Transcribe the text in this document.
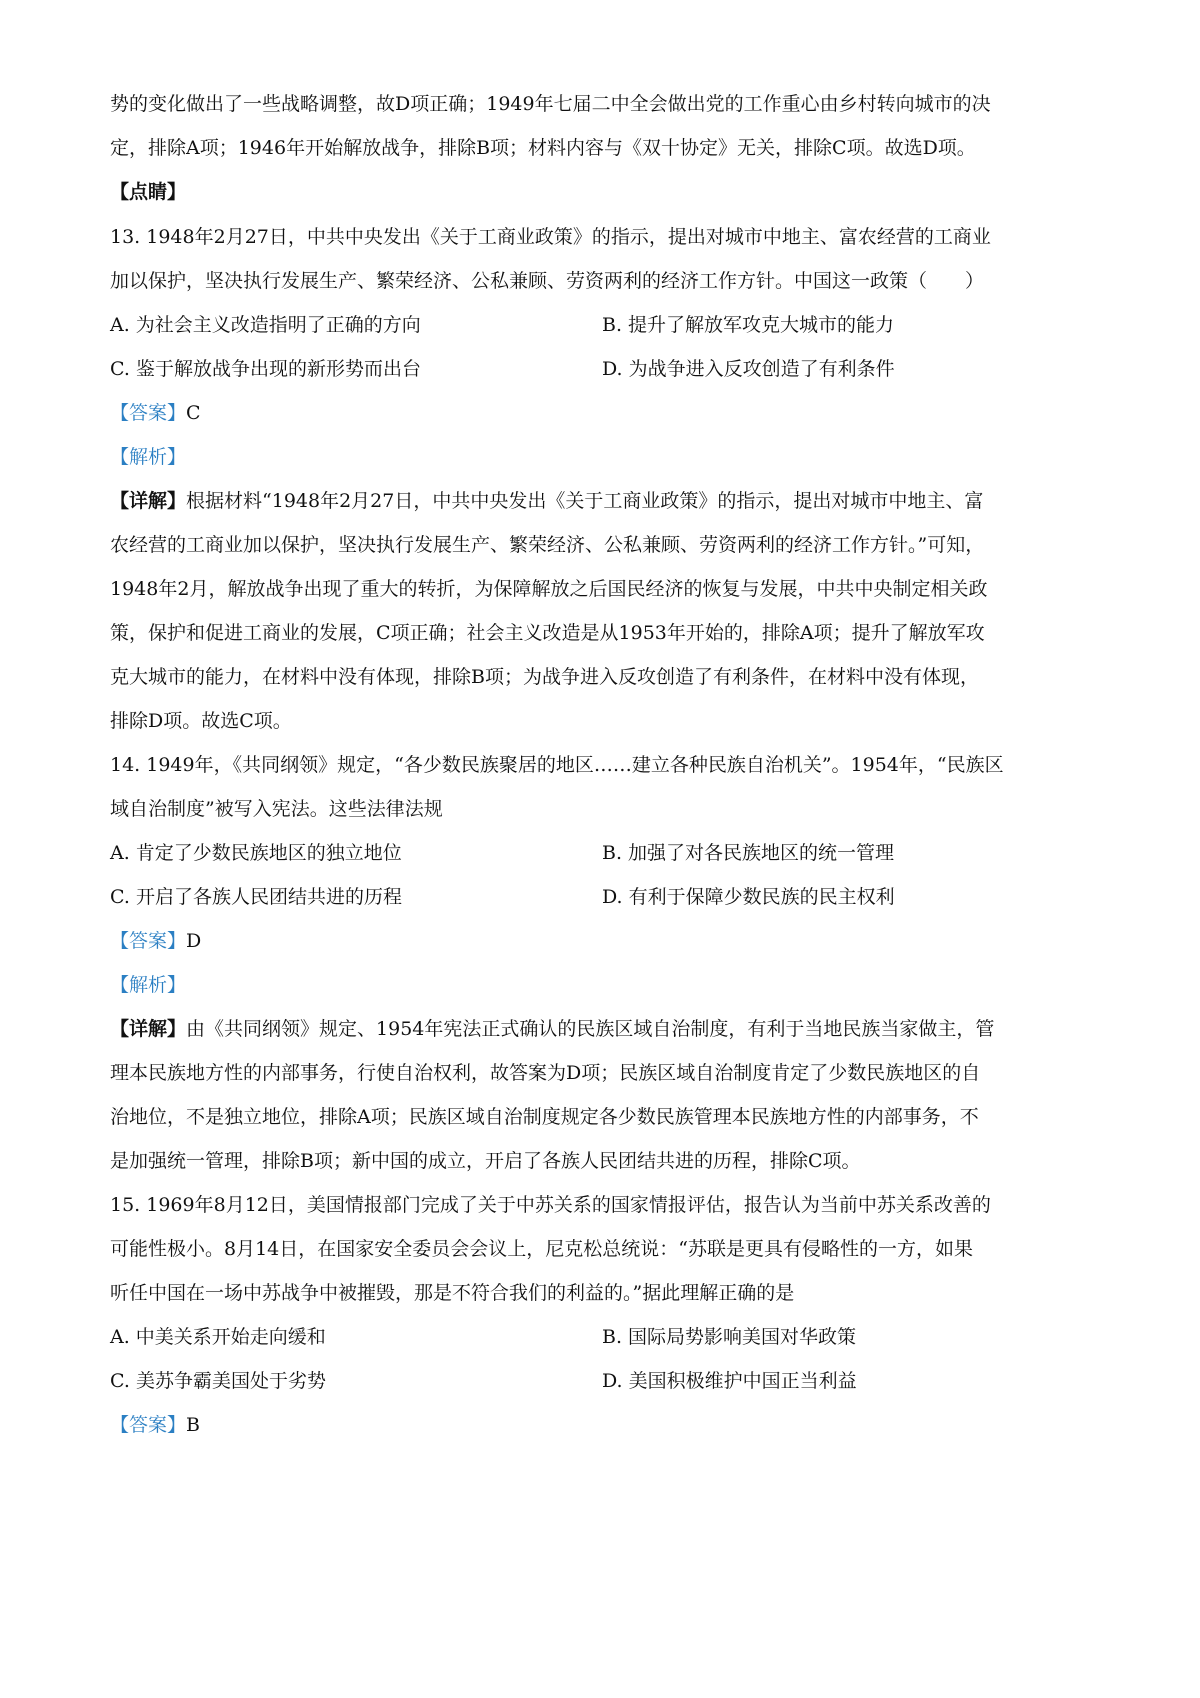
势的变化做出了一些战略调整，故D项正确；1949年七届二中全会做出党的工作重心由乡村转向城市的决
定，排除A项；1946年开始解放战争，排除B项；材料内容与《双十协定》无关，排除C项。故选D项。
【点睛】
13. 1948年2月27日，中共中央发出《关于工商业政策》的指示，提出对城市中地主、富农经营的工商业
加以保护，坚决执行发展生产、繁荣经济、公私兼顾、劳资两利的经济工作方针。中国这一政策（　　）
A. 为社会主义改造指明了正确的方向	B. 提升了解放军攻克大城市的能力
C. 鉴于解放战争出现的新形势而出台	D. 为战争进入反攻创造了有利条件
【答案】C
【解析】
【详解】根据材料“1948年2月27日，中共中央发出《关于工商业政策》的指示，提出对城市中地主、富
农经营的工商业加以保护，坚决执行发展生产、繁荣经济、公私兼顾、劳资两利的经济工作方针。”可知，
1948年2月，解放战争出现了重大的转折，为保障解放之后国民经济的恢复与发展，中共中央制定相关政
策，保护和促进工商业的发展，C项正确；社会主义改造是从1953年开始的，排除A项；提升了解放军攻
克大城市的能力，在材料中没有体现，排除B项；为战争进入反攻创造了有利条件，在材料中没有体现，
排除D项。故选C项。
14. 1949年，《共同纲领》规定，“各少数民族聚居的地区……建立各种民族自治机关”。1954年，“民族区
域自治制度”被写入宪法。这些法律法规
A. 肯定了少数民族地区的独立地位	B. 加强了对各民族地区的统一管理
C. 开启了各族人民团结共进的历程	D. 有利于保障少数民族的民主权利
【答案】D
【解析】
【详解】由《共同纲领》规定、1954年宪法正式确认的民族区域自治制度，有利于当地民族当家做主，管
理本民族地方性的内部事务，行使自治权利，故答案为D项；民族区域自治制度肯定了少数民族地区的自
治地位，不是独立地位，排除A项；民族区域自治制度规定各少数民族管理本民族地方性的内部事务，不
是加强统一管理，排除B项；新中国的成立，开启了各族人民团结共进的历程，排除C项。
15. 1969年8月12日，美国情报部门完成了关于中苏关系的国家情报评估，报告认为当前中苏关系改善的
可能性极小。8月14日，在国家安全委员会会议上，尼克松总统说：“苏联是更具有侵略性的一方，如果
听任中国在一场中苏战争中被摧毁，那是不符合我们的利益的。”据此理解正确的是
A. 中美关系开始走向缓和	B. 国际局势影响美国对华政策
C. 美苏争霸美国处于劣势	D. 美国积极维护中国正当利益
【答案】B
